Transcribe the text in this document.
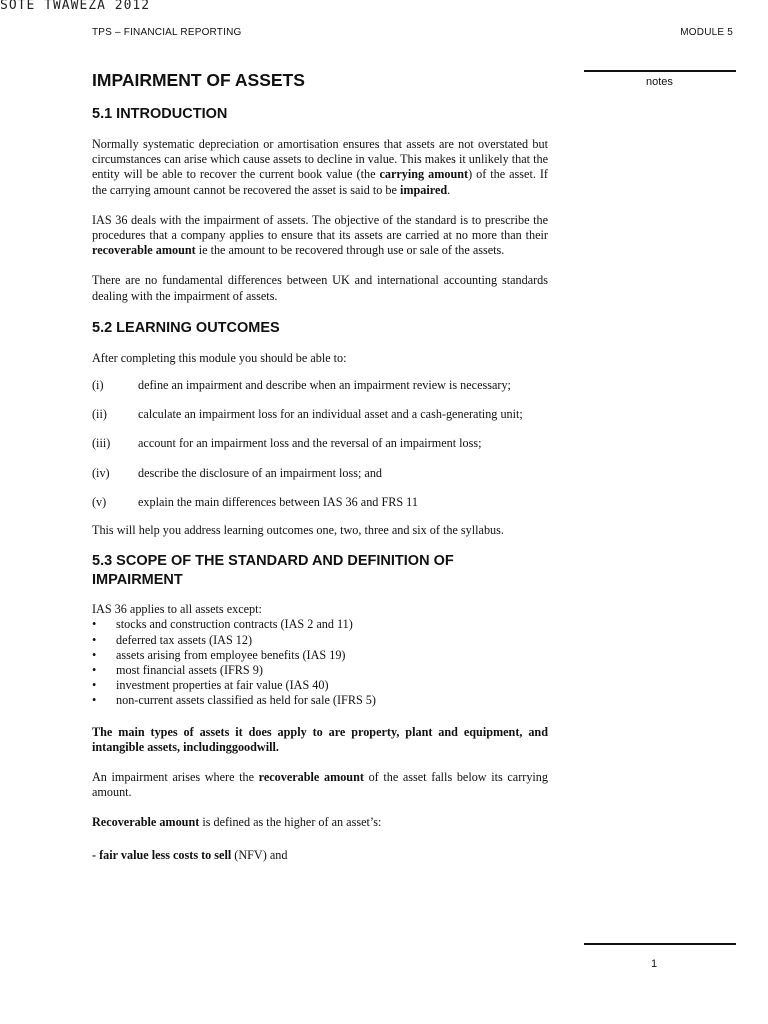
SOTE TWAWEZA 2012
TPS – FINANCIAL REPORTING	MODULE 5
notes
1
IMPAIRMENT OF ASSETS
5.1 INTRODUCTION

Normally systematic depreciation or amortisation ensures that assets are not overstated but circumstances can arise which cause assets to decline in value. This makes it unlikely that the entity will be able to recover the current book value (the carrying amount) of the asset. If the carrying amount cannot be recovered the asset is said to be impaired.

IAS 36 deals with the impairment of assets. The objective of the standard is to prescribe the procedures that a company applies to ensure that its assets are carried at no more than their recoverable amount ie the amount to be recovered through use or sale of the assets.

There are no fundamental differences between UK and international accounting standards dealing with the impairment of assets.

5.2 LEARNING OUTCOMES

After completing this module you should be able to:

(i)	define an impairment and describe when an impairment review is necessary;
(ii)	calculate an impairment loss for an individual asset and a cash-generating unit;
(iii)	account for an impairment loss and the reversal of an impairment loss;
(iv)	describe the disclosure of an impairment loss; and
(v)	explain the main differences between IAS 36 and FRS 11

This will help you address learning outcomes one, two, three and six of the syllabus.

5.3 SCOPE OF THE STANDARD AND DEFINITION OF IMPAIRMENT

IAS 36 applies to all assets except:

•	stocks and construction contracts (IAS 2 and 11)
•	deferred tax assets (IAS 12)
•	assets arising from employee benefits (IAS 19)
•	most financial assets (IFRS 9)
•	investment properties at fair value (IAS 40)
•	non-current assets classified as held for sale (IFRS 5)

The main types of assets it does apply to are property, plant and equipment, and intangible assets, includinggoodwill.

An impairment arises where the recoverable amount of the asset falls below its carrying amount.

Recoverable amount is defined as the higher of an asset’s:

- fair value less costs to sell (NFV) and
